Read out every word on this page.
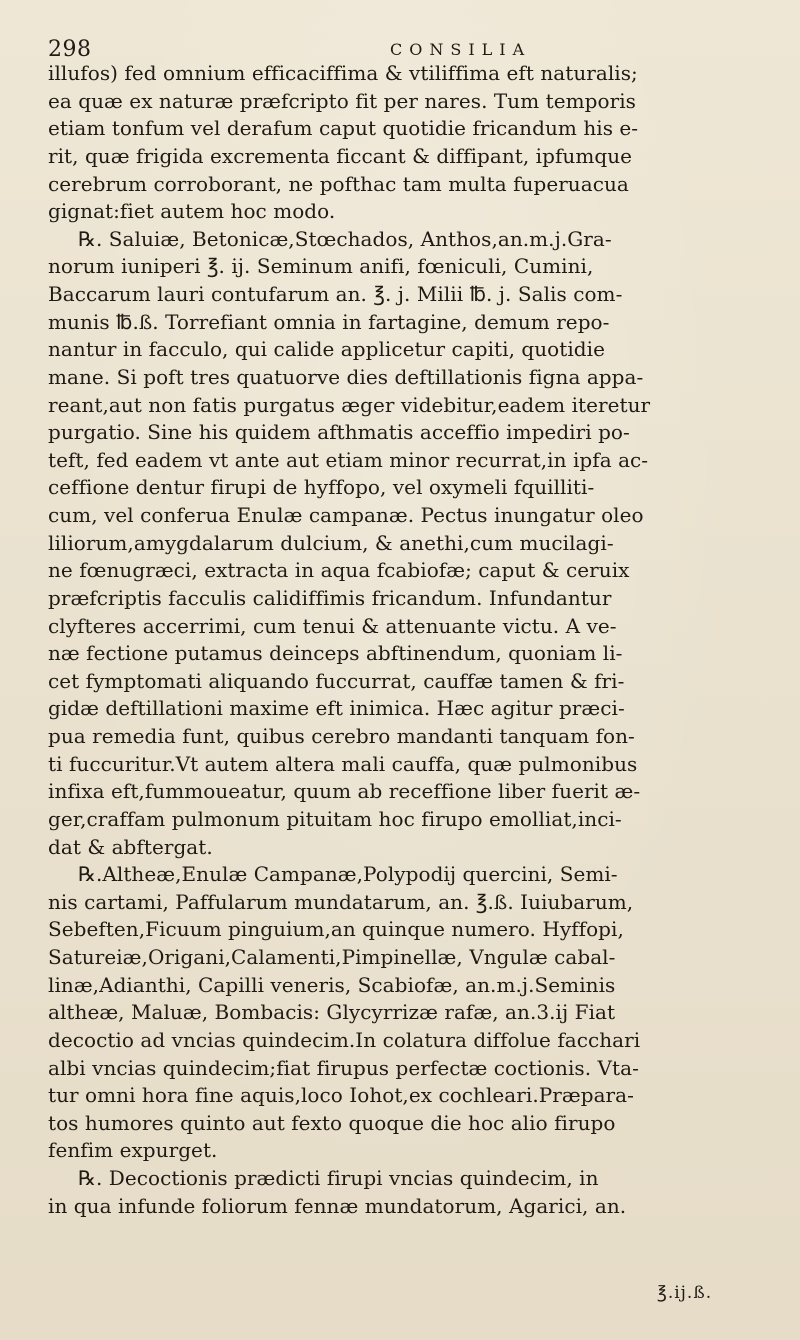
298	CONSILIA
illufos) fed omnium efficaciffima & vtiliffima eft naturalis;
ea quæ ex naturæ præfcripto fit per nares. Tum temporis
etiam tonfum vel derafum caput quotidie fricandum his e-
rit, quæ frigida excrementa ficcant & diffipant, ipfumque
cerebrum corroborant, ne pofthac tam multa fuperuacua
gignat:fiet autem hoc modo.
℞. Saluiæ, Betonicæ,Stœchados, Anthos,an.m.j.Gra-
norum iuniperi ℥. ij. Seminum anifi, fœniculi, Cumini,
Baccarum lauri contufarum an. ℥. j. Milii ℔. j. Salis com-
munis ℔.ß. Torrefiant omnia in fartagine, demum repo-
nantur in facculo, qui calide applicetur capiti, quotidie
mane. Si poft tres quatuorve dies deftillationis figna appa-
reant,aut non fatis purgatus æger videbitur,eadem iteretur
purgatio. Sine his quidem afthmatis acceffio impediri po-
teft, fed eadem vt ante aut etiam minor recurrat,in ipfa ac-
ceffione dentur firupi de hyffopo, vel oxymeli fquilliti-
cum, vel conferua Enulæ campanæ. Pectus inungatur oleo
liliorum,amygdalarum dulcium, & anethi,cum mucilagi-
ne fœnugræci, extracta in aqua fcabiofæ; caput & ceruix
præfcriptis facculis calidiffimis fricandum. Infundantur
clyfteres accerrimi, cum tenui & attenuante victu. A ve-
næ fectione putamus deinceps abftinendum, quoniam li-
cet fymptomati aliquando fuccurrat, cauffæ tamen & fri-
gidæ deftillationi maxime eft inimica. Hæc agitur præci-
pua remedia funt, quibus cerebro mandanti tanquam fon-
ti fuccuritur.Vt autem altera mali cauffa, quæ pulmonibus
infixa eft,fummoueatur, quum ab receffione liber fuerit æ-
ger,craffam pulmonum pituitam hoc firupo emolliat,inci-
dat & abftergat.
℞.Altheæ,Enulæ Campanæ,Polypodij quercini, Semi-
nis cartami, Paffularum mundatarum, an. ℥.ß. Iuiubarum,
Sebeften,Ficuum pinguium,an quinque numero. Hyffopi,
Satureiæ,Origani,Calamenti,Pimpinellæ, Vngulæ cabal-
linæ,Adianthi, Capilli veneris, Scabiofæ, an.m.j.Seminis
altheæ, Maluæ, Bombacis: Glycyrrizæ rafæ, an.3.ij Fiat
decoctio ad vncias quindecim.In colatura diffolue facchari
albi vncias quindecim;fiat firupus perfectæ coctionis. Vta-
tur omni hora fine aquis,loco Iohot,ex cochleari.Præpara-
tos humores quinto aut fexto quoque die hoc alio firupo
fenfim expurget.
℞. Decoctionis prædicti firupi vncias quindecim, in
in qua infunde foliorum fennæ mundatorum, Agarici, an.
℥.ij.ß.
